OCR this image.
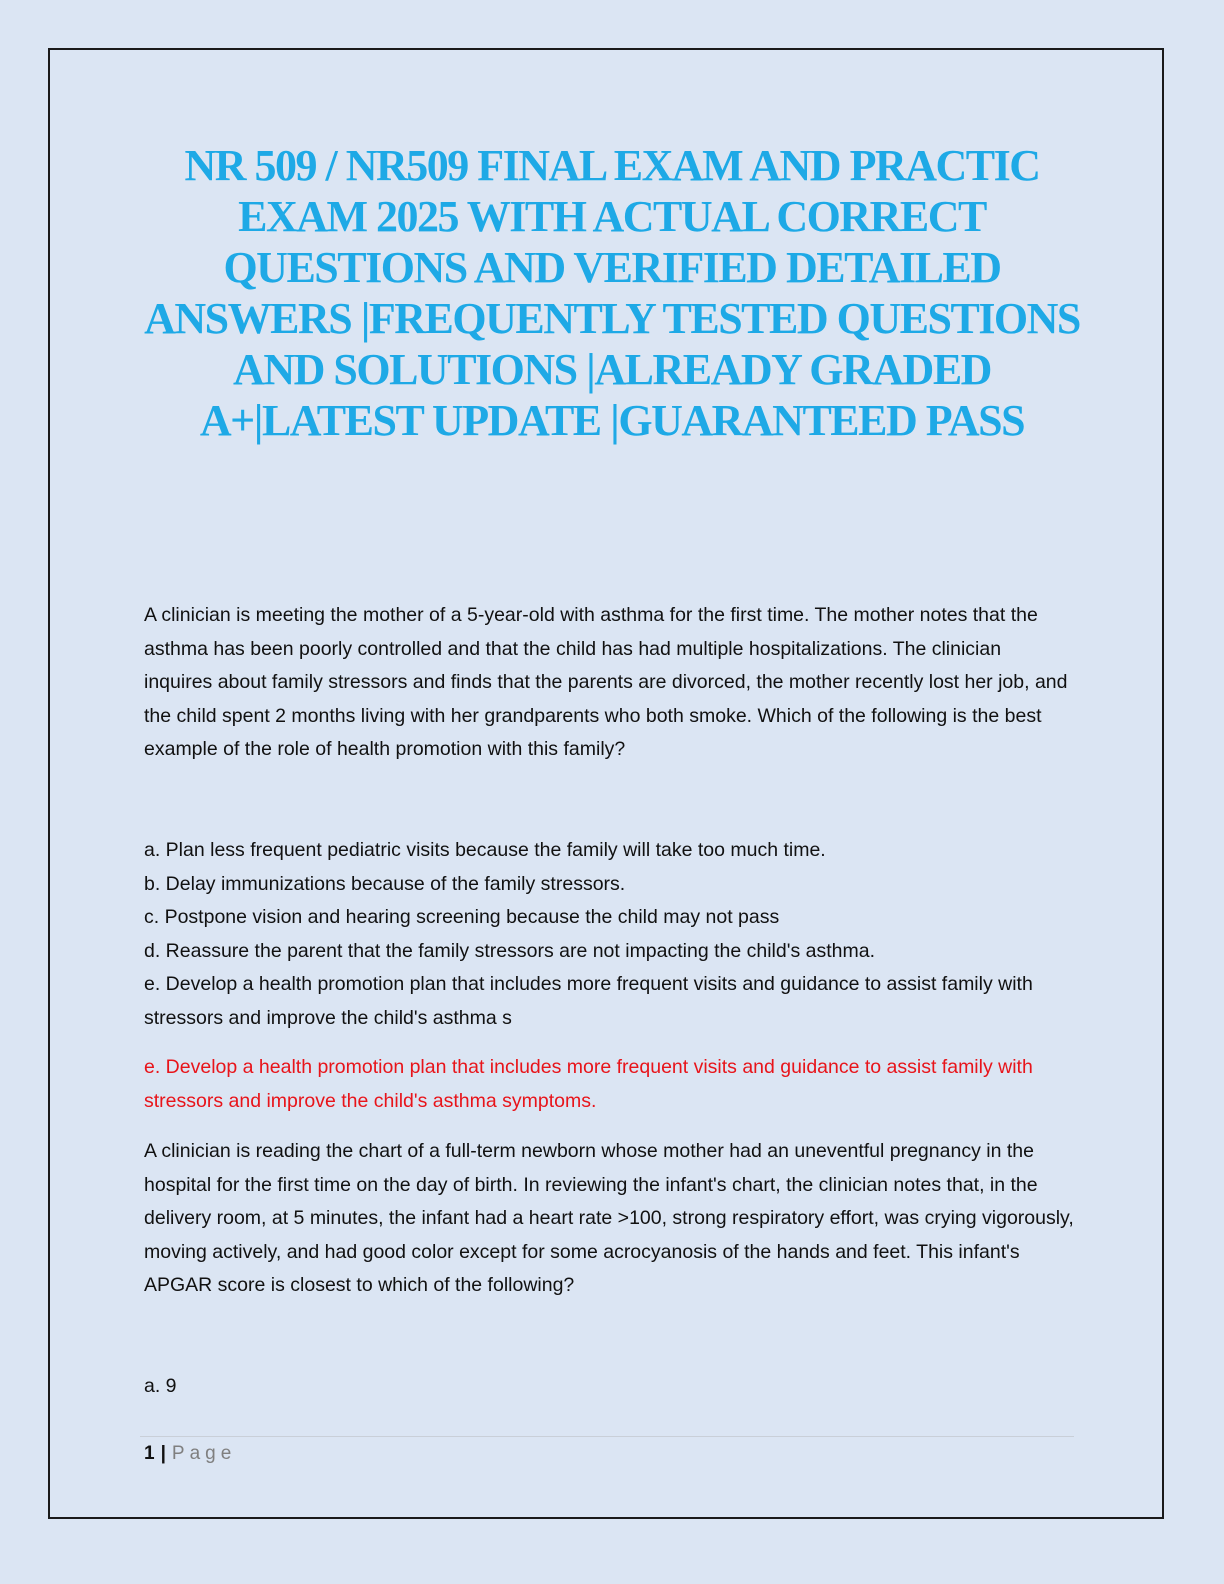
NR 509 / NR509 FINAL EXAM AND PRACTIC EXAM 2025 WITH ACTUAL CORRECT QUESTIONS AND VERIFIED DETAILED ANSWERS |FREQUENTLY TESTED QUESTIONS AND SOLUTIONS |ALREADY GRADED A+|LATEST UPDATE |GUARANTEED PASS

A clinician is meeting the mother of a 5-year-old with asthma for the first time. The mother notes that the asthma has been poorly controlled and that the child has had multiple hospitalizations. The clinician inquires about family stressors and finds that the parents are divorced, the mother recently lost her job, and the child spent 2 months living with her grandparents who both smoke. Which of the following is the best example of the role of health promotion with this family?

a. Plan less frequent pediatric visits because the family will take too much time.

b. Delay immunizations because of the family stressors.

c. Postpone vision and hearing screening because the child may not pass

d. Reassure the parent that the family stressors are not impacting the child's asthma.

e. Develop a health promotion plan that includes more frequent visits and guidance to assist family with stressors and improve the child's asthma s

e. Develop a health promotion plan that includes more frequent visits and guidance to assist family with stressors and improve the child's asthma symptoms.

A clinician is reading the chart of a full-term newborn whose mother had an uneventful pregnancy in the hospital for the first time on the day of birth. In reviewing the infant's chart, the clinician notes that, in the delivery room, at 5 minutes, the infant had a heart rate >100, strong respiratory effort, was crying vigorously, moving actively, and had good color except for some acrocyanosis of the hands and feet. This infant's APGAR score is closest to which of the following?

a. 9

1 | Page
